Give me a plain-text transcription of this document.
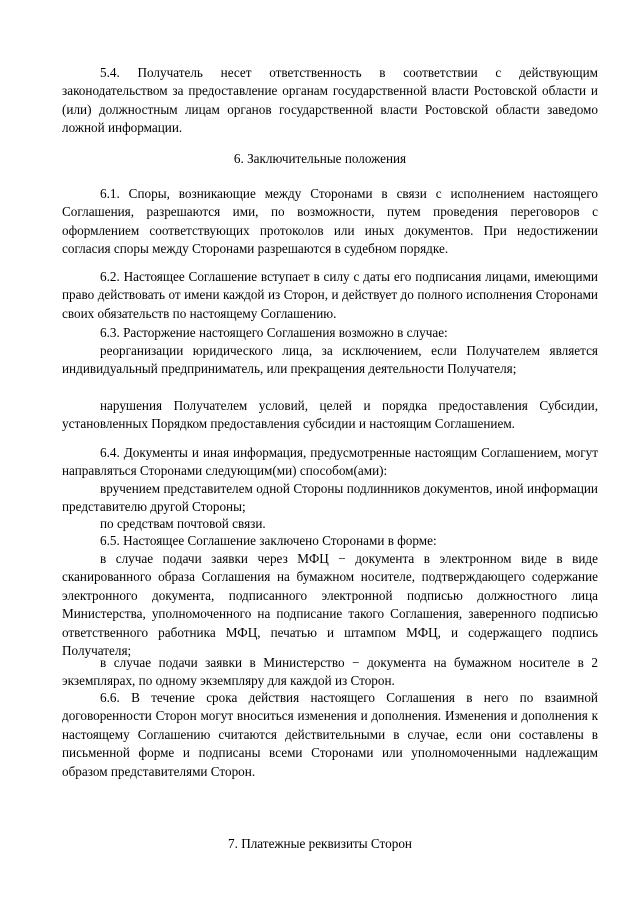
5.4. Получатель несет ответственность в соответствии с действующим законодательством за предоставление органам государственной власти Ростовской области и (или) должностным лицам органов государственной власти Ростовской области заведомо ложной информации.

6. Заключительные положения

6.1. Споры, возникающие между Сторонами в связи с исполнением настоящего Соглашения, разрешаются ими, по возможности, путем проведения переговоров с оформлением соответствующих протоколов или иных документов. При недостижении согласия споры между Сторонами разрешаются в судебном порядке.

6.2. Настоящее Соглашение вступает в силу с даты его подписания лицами, имеющими право действовать от имени каждой из Сторон, и действует до полного исполнения Сторонами своих обязательств по настоящему Соглашению.

6.3. Расторжение настоящего Соглашения возможно в случае:

реорганизации юридического лица, за исключением, если Получателем является индивидуальный предприниматель, или прекращения деятельности Получателя;

нарушения Получателем условий, целей и порядка предоставления Субсидии, установленных Порядком предоставления субсидии и настоящим Соглашением.

6.4. Документы и иная информация, предусмотренные настоящим Соглашением, могут направляться Сторонами следующим(ми) способом(ами):

вручением представителем одной Стороны подлинников документов, иной информации представителю другой Стороны;

по средствам почтовой связи.

6.5. Настоящее Соглашение заключено Сторонами в форме:

в случае подачи заявки через МФЦ − документа в электронном виде в виде сканированного образа Соглашения на бумажном носителе, подтверждающего содержание электронного документа, подписанного электронной подписью должностного лица Министерства, уполномоченного на подписание такого Соглашения, заверенного подписью ответственного работника МФЦ, печатью и штампом МФЦ, и содержащего подпись Получателя;

в случае подачи заявки в Министерство − документа на бумажном носителе в 2 экземплярах, по одному экземпляру для каждой из Сторон.

6.6. В течение срока действия настоящего Соглашения в него по взаимной договоренности Сторон могут вноситься изменения и дополнения. Изменения и дополнения к настоящему Соглашению считаются действительными в случае, если они составлены в письменной форме и подписаны всеми Сторонами или уполномоченными надлежащим образом представителями Сторон.

7. Платежные реквизиты Сторон
